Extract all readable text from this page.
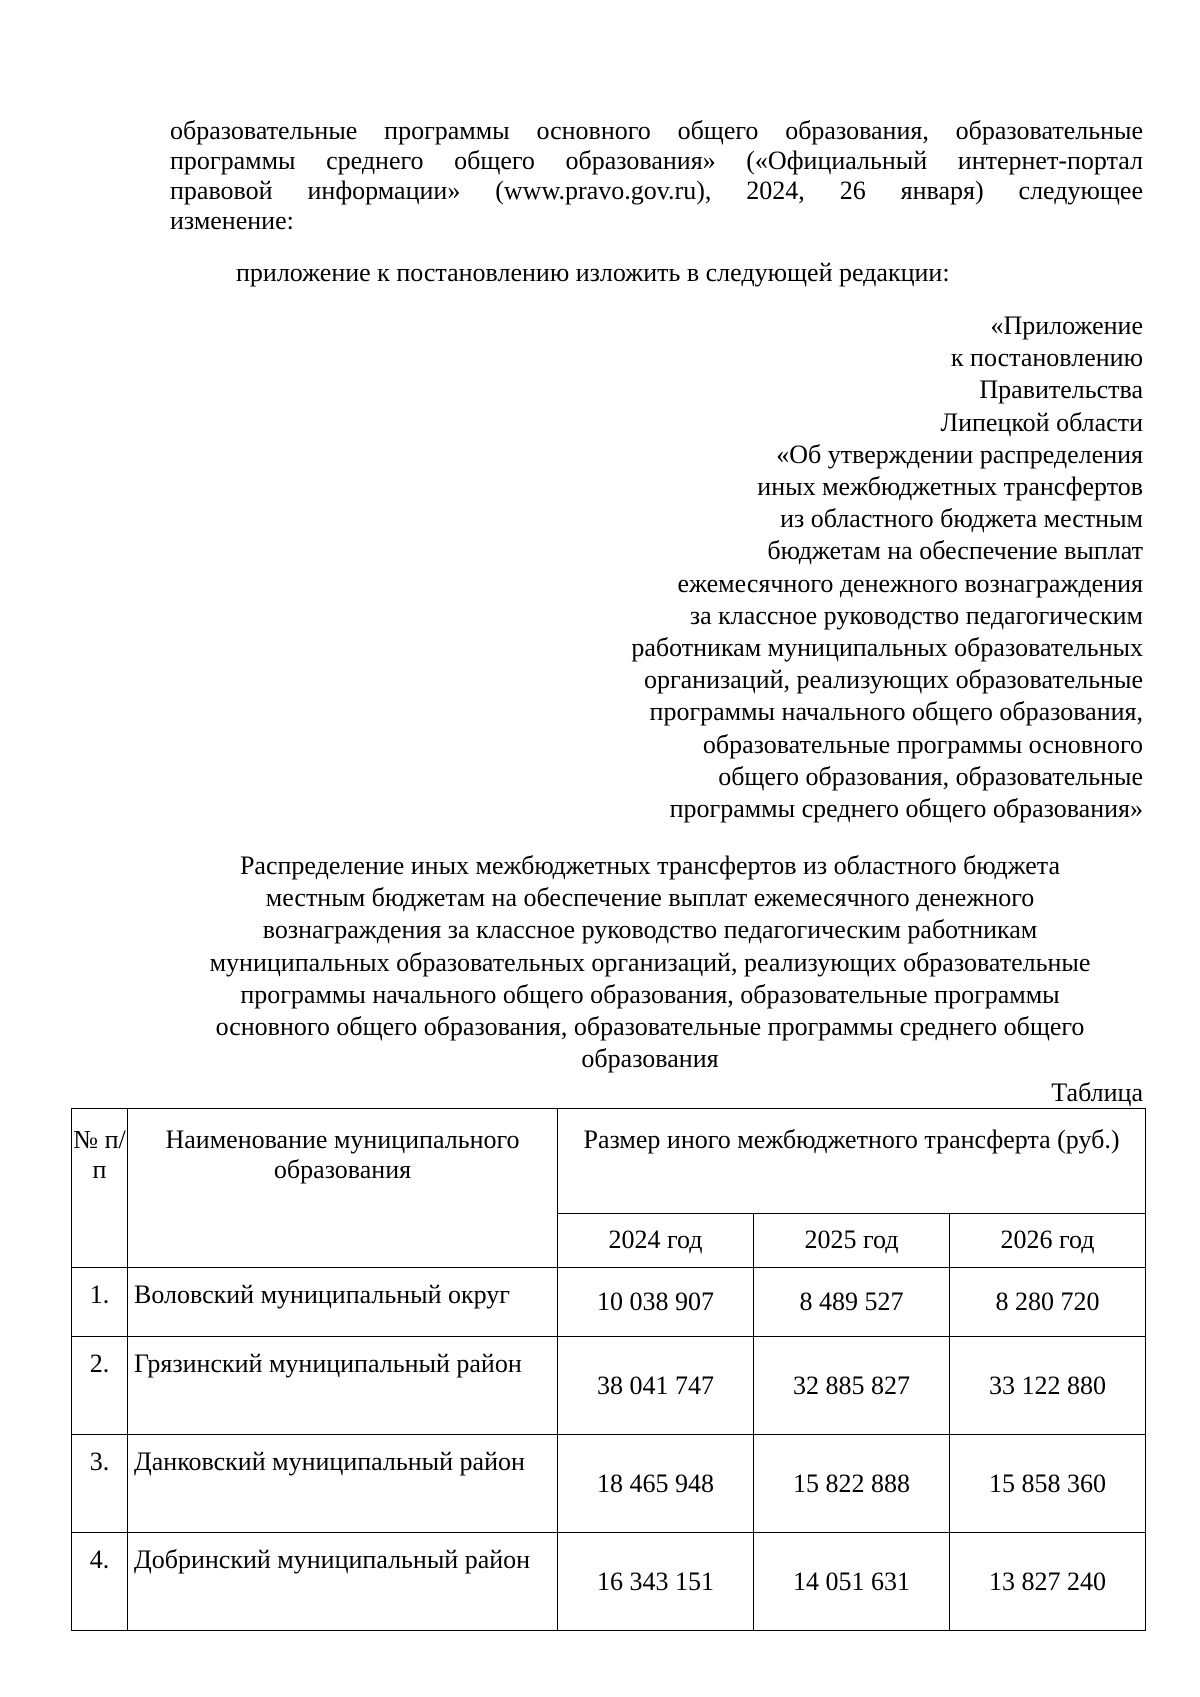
образовательные программы основного общего образования, образовательные
программы среднего общего образования» («Официальный интернет-портал
правовой информации» (www.pravo.gov.ru), 2024, 26 января) следующее
изменение:
приложение к постановлению изложить в следующей редакции:
«Приложение
к постановлению
Правительства
Липецкой области
«Об утверждении распределения
иных межбюджетных трансфертов
из областного бюджета местным
бюджетам на обеспечение выплат
ежемесячного денежного вознаграждения
за классное руководство педагогическим
работникам муниципальных образовательных
организаций, реализующих образовательные
программы начального общего образования,
образовательные программы основного
общего образования, образовательные
программы среднего общего образования»
Распределение иных межбюджетных трансфертов из областного бюджета
местным бюджетам на обеспечение выплат ежемесячного денежного
вознаграждения за классное руководство педагогическим работникам
муниципальных образовательных организаций, реализующих образовательные
программы начального общего образования, образовательные программы
основного общего образования, образовательные программы среднего общего
образования
Таблица
№ п/п	Наименование муниципального образования	Размер иного межбюджетного трансферта (руб.)		
		2024 год	2025 год	2026 год
1.	Воловский муниципальный округ	10 038 907	8 489 527	8 280 720
2.	Грязинский муниципальный район	38 041 747	32 885 827	33 122 880
3.	Данковский муниципальный район	18 465 948	15 822 888	15 858 360
4.	Добринский муниципальный район	16 343 151	14 051 631	13 827 240
